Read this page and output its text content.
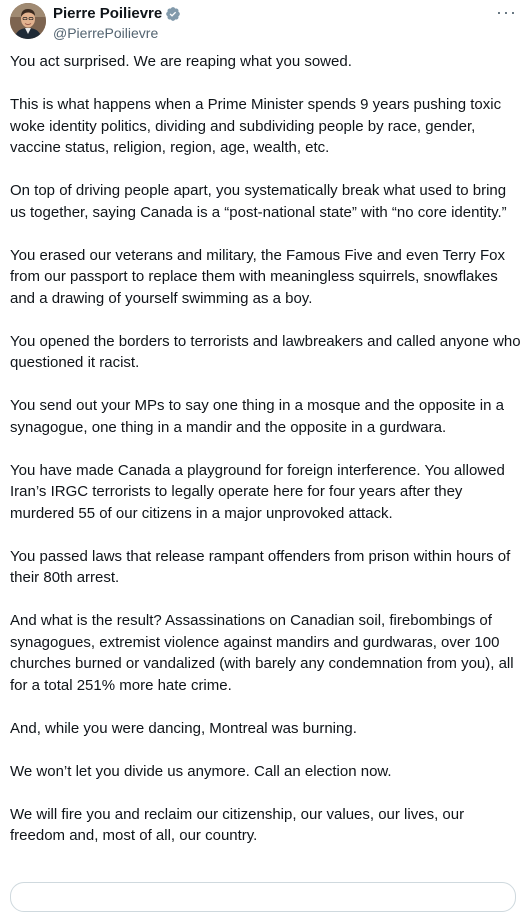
Pierre Poilievre
@PierrePoilievre
···

You act surprised. We are reaping what you sowed.

This is what happens when a Prime Minister spends 9 years pushing toxic woke identity politics, dividing and subdividing people by race, gender, vaccine status, religion, region, age, wealth, etc.

On top of driving people apart, you systematically break what used to bring us together, saying Canada is a “post-national state” with “no core identity.”

You erased our veterans and military, the Famous Five and even Terry Fox from our passport to replace them with meaningless squirrels, snowflakes and a drawing of yourself swimming as a boy.

You opened the borders to terrorists and lawbreakers and called anyone who questioned it racist.

You send out your MPs to say one thing in a mosque and the opposite in a synagogue, one thing in a mandir and the opposite in a gurdwara.

You have made Canada a playground for foreign interference. You allowed Iran’s IRGC terrorists to legally operate here for four years after they murdered 55 of our citizens in a major unprovoked attack.

You passed laws that release rampant offenders from prison within hours of their 80th arrest.

And what is the result? Assassinations on Canadian soil, firebombings of synagogues, extremist violence against mandirs and gurdwaras, over 100 churches burned or vandalized (with barely any condemnation from you), all for a total 251% more hate crime.

And, while you were dancing, Montreal was burning.

We won’t let you divide us anymore. Call an election now.

We will fire you and reclaim our citizenship, our values, our lives, our freedom and, most of all, our country.
